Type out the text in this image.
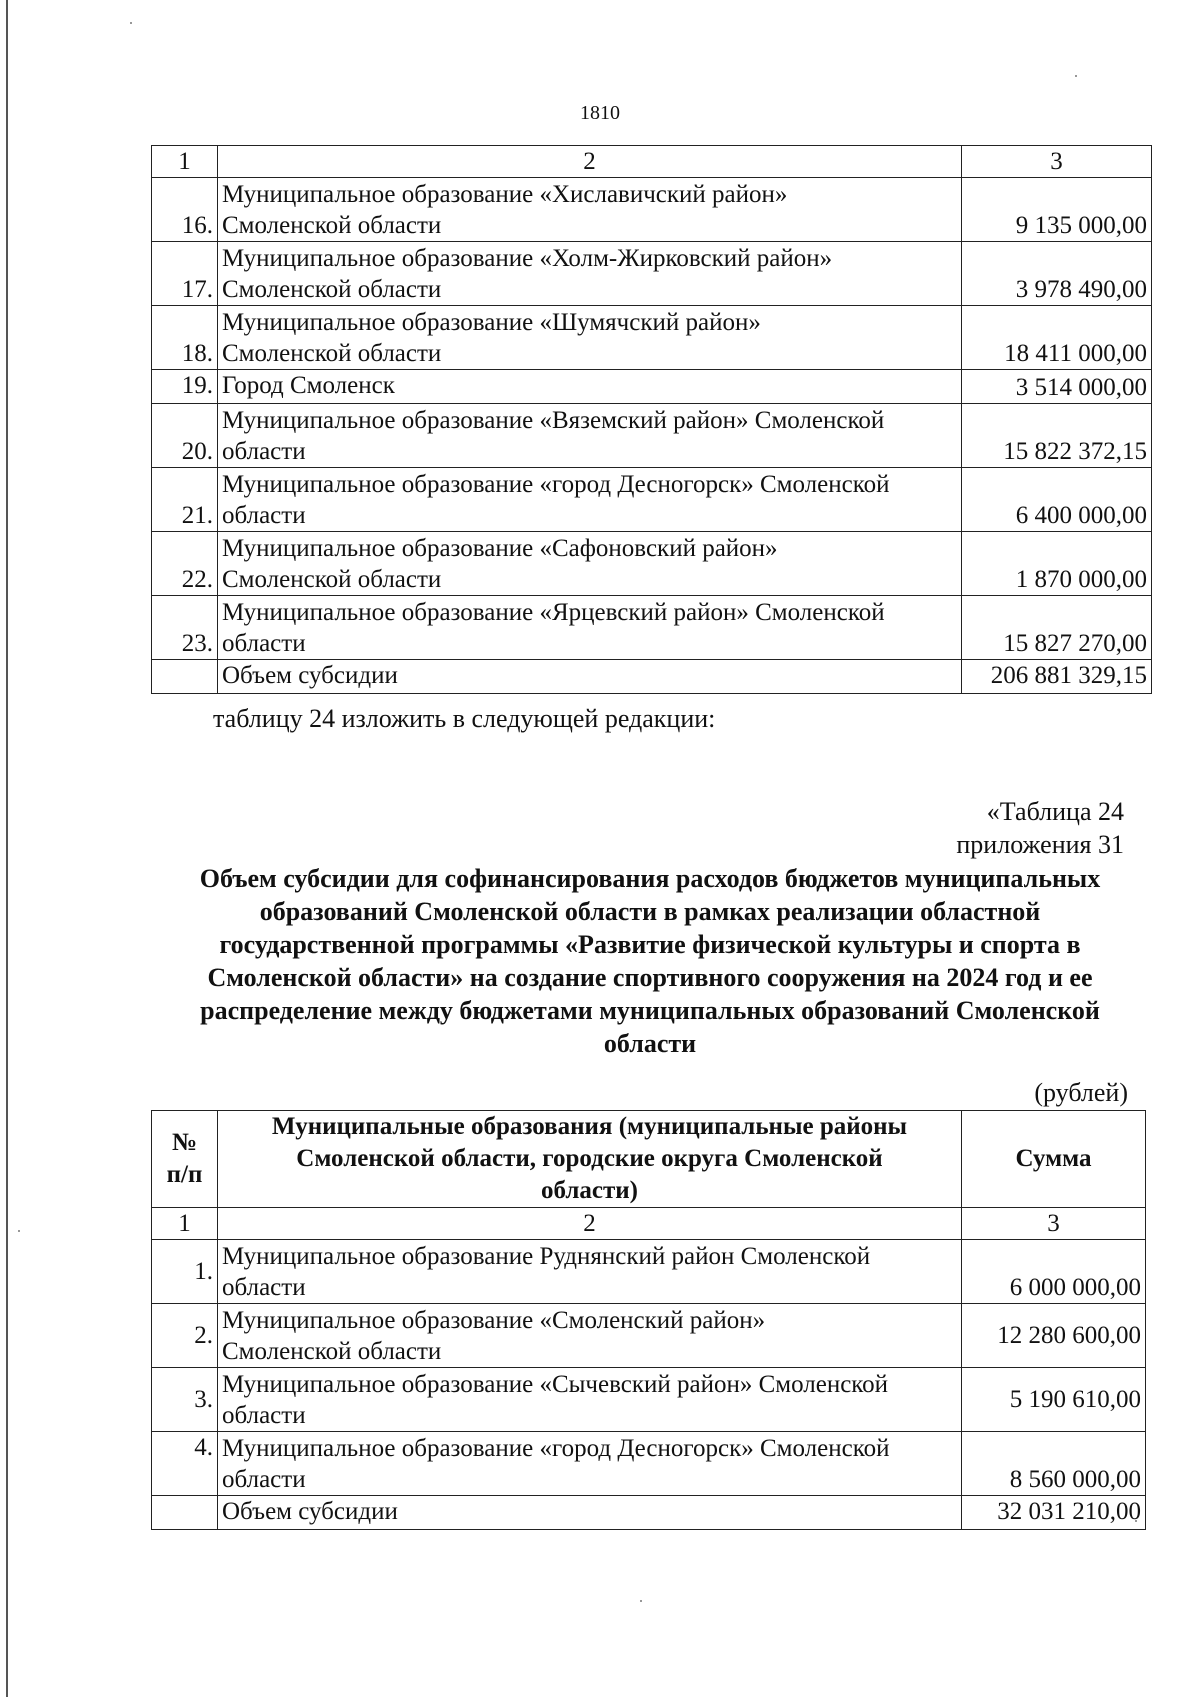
1810
1	2	3
16.	Муниципальное образование «Хиславичский район»
Смоленской области	9 135 000,00
17.	Муниципальное образование «Холм-Жирковский район»
Смоленской области	3 978 490,00
18.	Муниципальное образование «Шумячский район»
Смоленской области	18 411 000,00
19.	Город Смоленск	3 514 000,00
20.	Муниципальное образование «Вяземский район» Смоленской
области	15 822 372,15
21.	Муниципальное образование «город Десногорск» Смоленской
области	6 400 000,00
22.	Муниципальное образование «Сафоновский район»
Смоленской области	1 870 000,00
23.	Муниципальное образование «Ярцевский район» Смоленской
области	15 827 270,00
	Объем субсидии	206 881 329,15
таблицу 24 изложить в следующей редакции:
«Таблица 24
приложения 31
Объем субсидии для софинансирования расходов бюджетов муниципальных
образований Смоленской области в рамках реализации областной
государственной программы «Развитие физической культуры и спорта в
Смоленской области» на создание спортивного сооружения на 2024 год и ее
распределение между бюджетами муниципальных образований Смоленской
области
(рублей)
№
п/п	Муниципальные образования (муниципальные районы
Смоленской области, городские округа Смоленской
области)	Сумма
1	2	3
1.	Муниципальное образование Руднянский район Смоленской
области	6 000 000,00
2.	Муниципальное образование «Смоленский район»
Смоленской области	12 280 600,00
3.	Муниципальное образование «Сычевский район» Смоленской
области	5 190 610,00
4.	Муниципальное образование «город Десногорск» Смоленской
области	8 560 000,00
	Объем субсидии	32 031 210,00
